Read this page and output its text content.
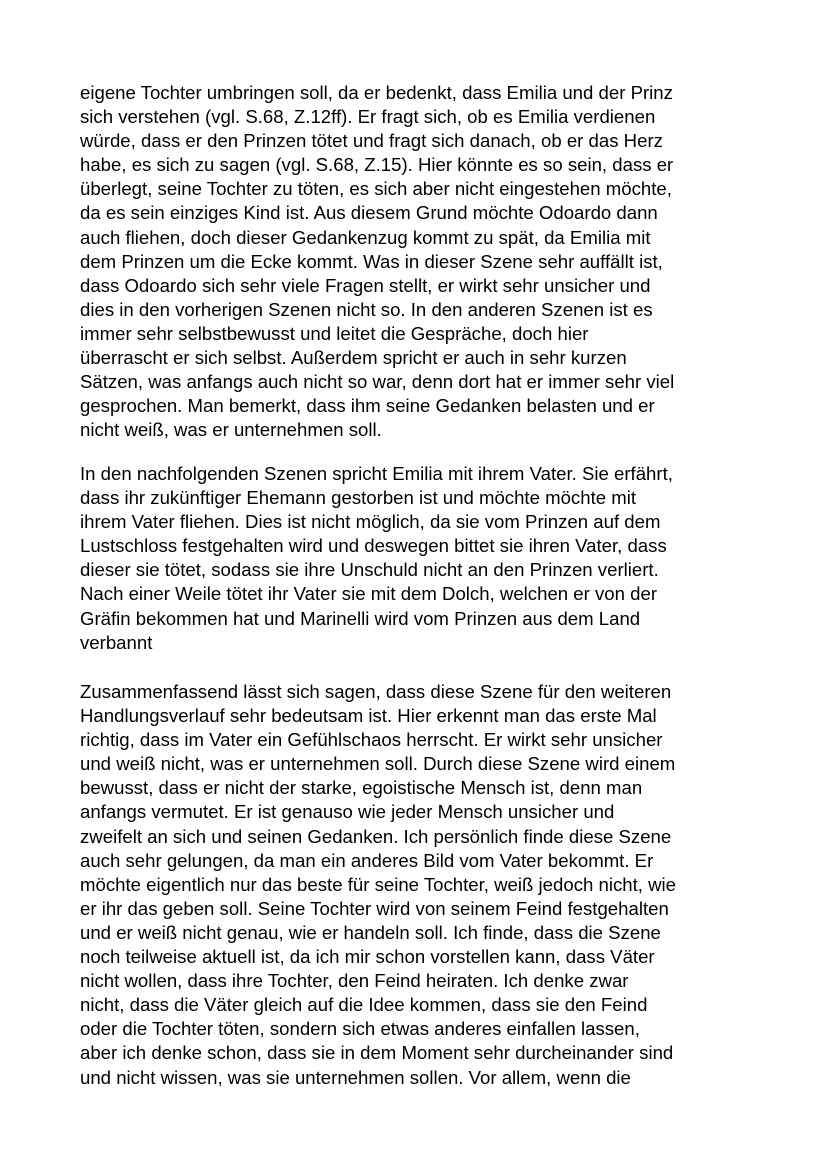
eigene Tochter umbringen soll, da er bedenkt, dass Emilia und der Prinz
sich verstehen (vgl. S.68, Z.12ff). Er fragt sich, ob es Emilia verdienen
würde, dass er den Prinzen tötet und fragt sich danach, ob er das Herz
habe, es sich zu sagen (vgl. S.68, Z.15). Hier könnte es so sein, dass er
überlegt, seine Tochter zu töten, es sich aber nicht eingestehen möchte,
da es sein einziges Kind ist. Aus diesem Grund möchte Odoardo dann
auch fliehen, doch dieser Gedankenzug kommt zu spät, da Emilia mit
dem Prinzen um die Ecke kommt. Was in dieser Szene sehr auffällt ist,
dass Odoardo sich sehr viele Fragen stellt, er wirkt sehr unsicher und
dies in den vorherigen Szenen nicht so. In den anderen Szenen ist es
immer sehr selbstbewusst und leitet die Gespräche, doch hier
überrascht er sich selbst. Außerdem spricht er auch in sehr kurzen
Sätzen, was anfangs auch nicht so war, denn dort hat er immer sehr viel
gesprochen. Man bemerkt, dass ihm seine Gedanken belasten und er
nicht weiß, was er unternehmen soll.
In den nachfolgenden Szenen spricht Emilia mit ihrem Vater. Sie erfährt,
dass ihr zukünftiger Ehemann gestorben ist und möchte möchte mit
ihrem Vater fliehen. Dies ist nicht möglich, da sie vom Prinzen auf dem
Lustschloss festgehalten wird und deswegen bittet sie ihren Vater, dass
dieser sie tötet, sodass sie ihre Unschuld nicht an den Prinzen verliert.
Nach einer Weile tötet ihr Vater sie mit dem Dolch, welchen er von der
Gräfin bekommen hat und Marinelli wird vom Prinzen aus dem Land
verbannt
Zusammenfassend lässt sich sagen, dass diese Szene für den weiteren
Handlungsverlauf sehr bedeutsam ist. Hier erkennt man das erste Mal
richtig, dass im Vater ein Gefühlschaos herrscht. Er wirkt sehr unsicher
und weiß nicht, was er unternehmen soll. Durch diese Szene wird einem
bewusst, dass er nicht der starke, egoistische Mensch ist, denn man
anfangs vermutet. Er ist genauso wie jeder Mensch unsicher und
zweifelt an sich und seinen Gedanken. Ich persönlich finde diese Szene
auch sehr gelungen, da man ein anderes Bild vom Vater bekommt. Er
möchte eigentlich nur das beste für seine Tochter, weiß jedoch nicht, wie
er ihr das geben soll. Seine Tochter wird von seinem Feind festgehalten
und er weiß nicht genau, wie er handeln soll. Ich finde, dass die Szene
noch teilweise aktuell ist, da ich mir schon vorstellen kann, dass Väter
nicht wollen, dass ihre Tochter, den Feind heiraten. Ich denke zwar
nicht, dass die Väter gleich auf die Idee kommen, dass sie den Feind
oder die Tochter töten, sondern sich etwas anderes einfallen lassen,
aber ich denke schon, dass sie in dem Moment sehr durcheinander sind
und nicht wissen, was sie unternehmen sollen. Vor allem, wenn die
